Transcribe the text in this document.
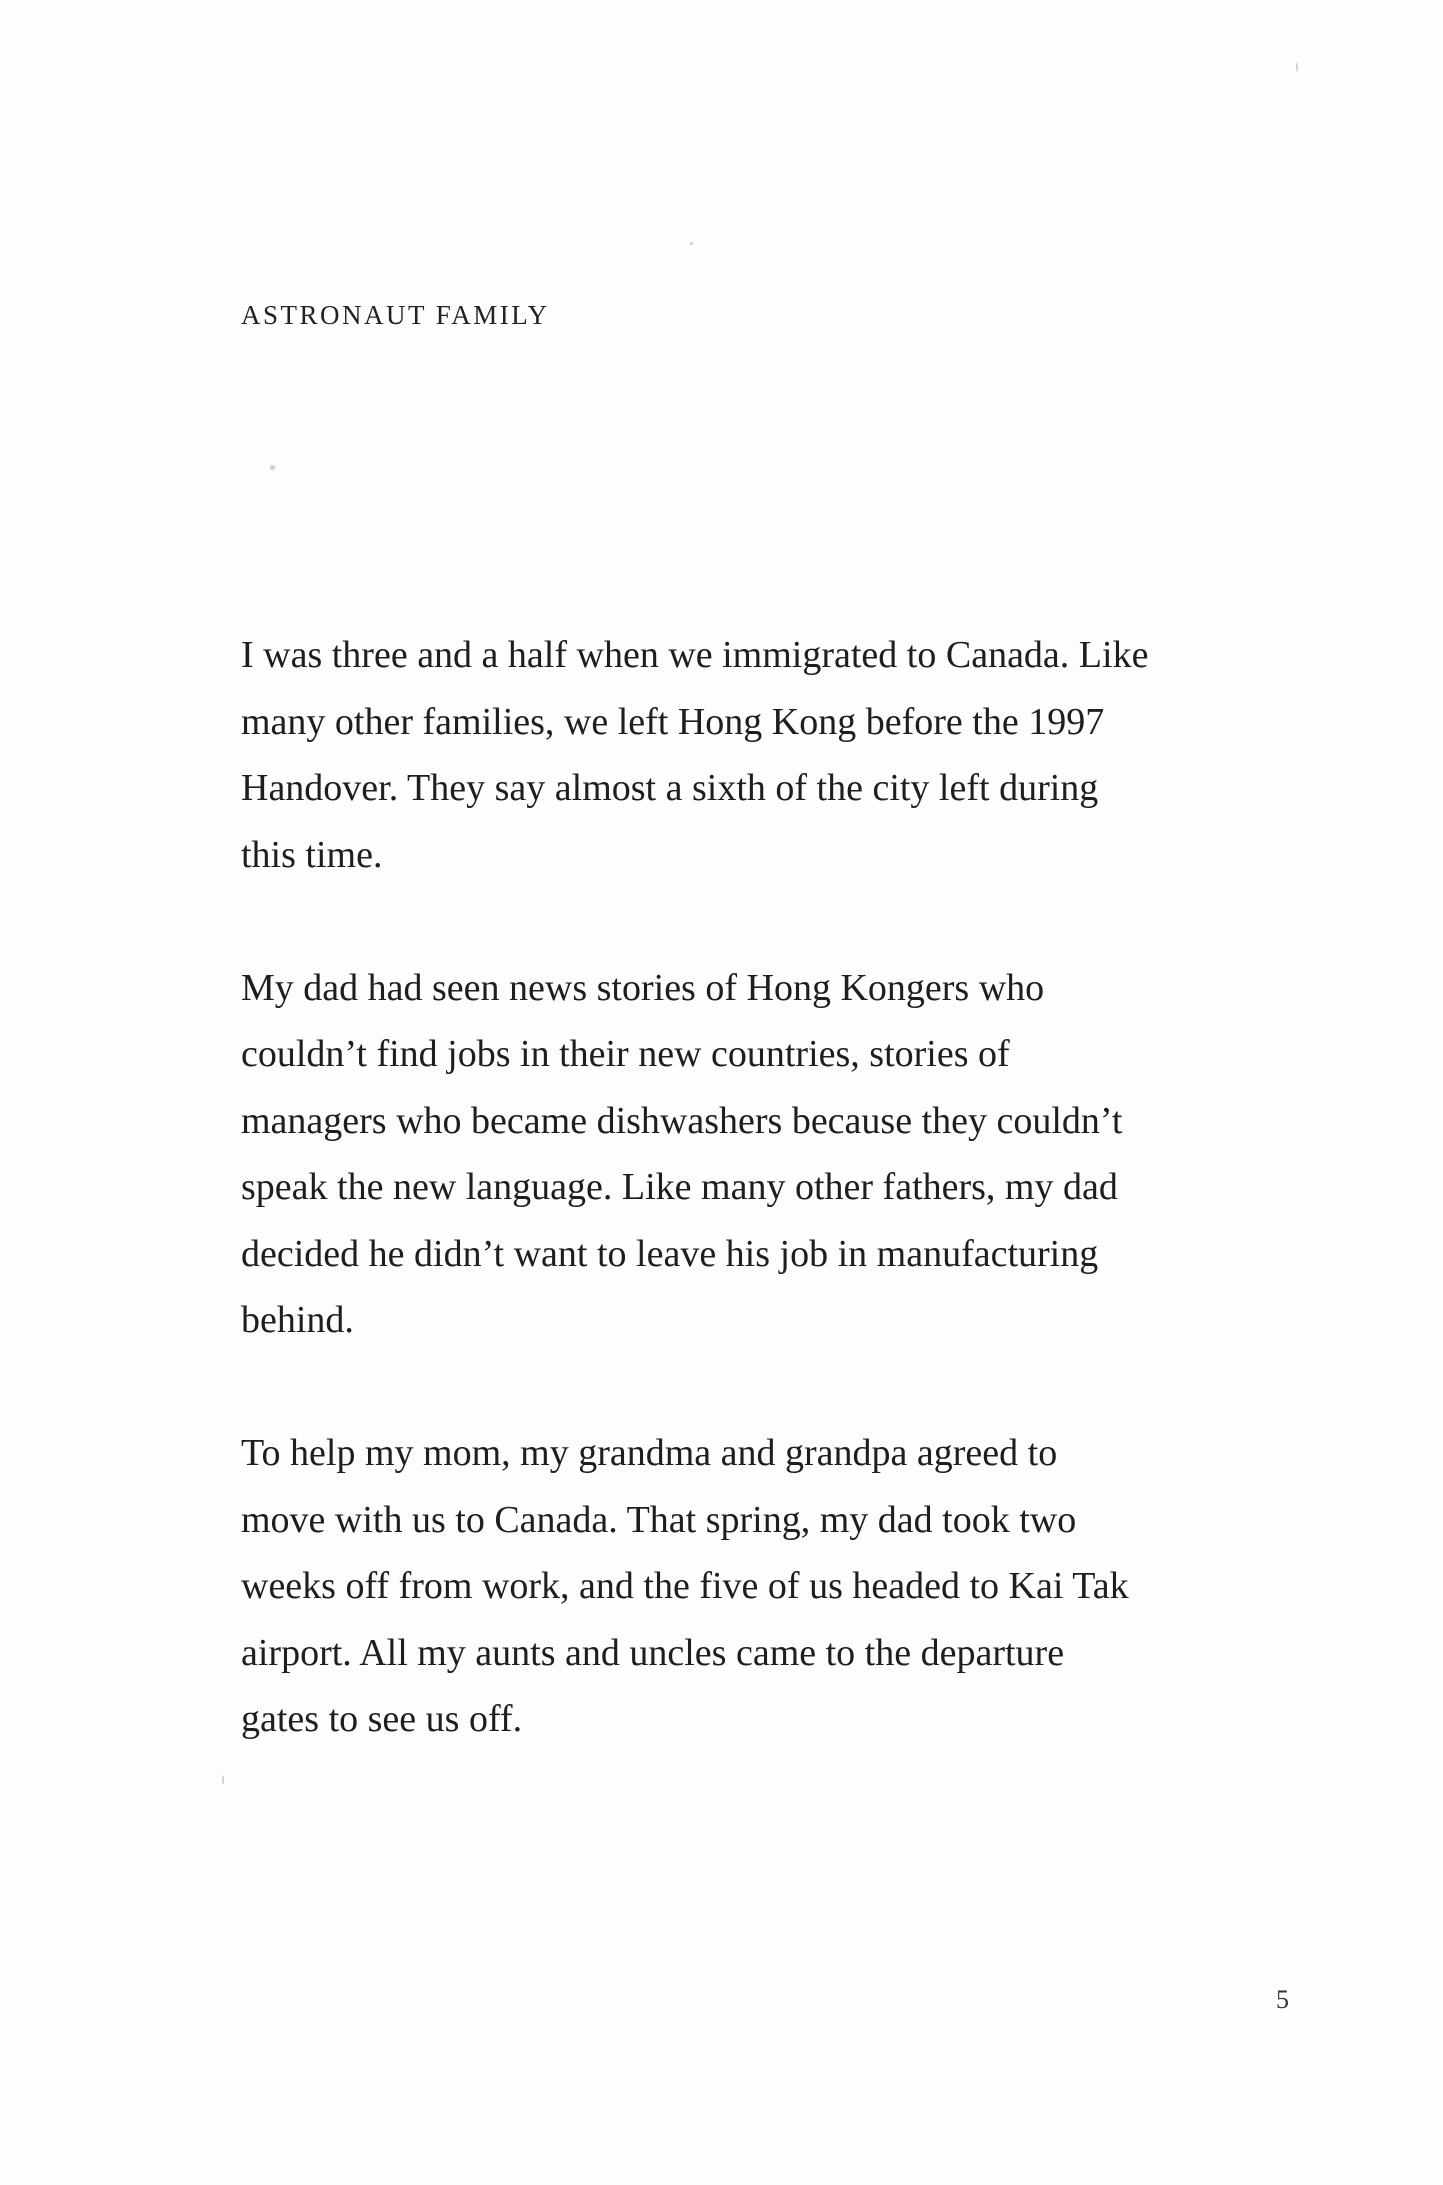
ASTRONAUT FAMILY

I was three and a half when we immigrated to Canada. Like
many other families, we left Hong Kong before the 1997
Handover. They say almost a sixth of the city left during
this time.

My dad had seen news stories of Hong Kongers who
couldn’t find jobs in their new countries, stories of
managers who became dishwashers because they couldn’t
speak the new language. Like many other fathers, my dad
decided he didn’t want to leave his job in manufacturing
behind.

To help my mom, my grandma and grandpa agreed to
move with us to Canada. That spring, my dad took two
weeks off from work, and the five of us headed to Kai Tak
airport. All my aunts and uncles came to the departure
gates to see us off.

5
